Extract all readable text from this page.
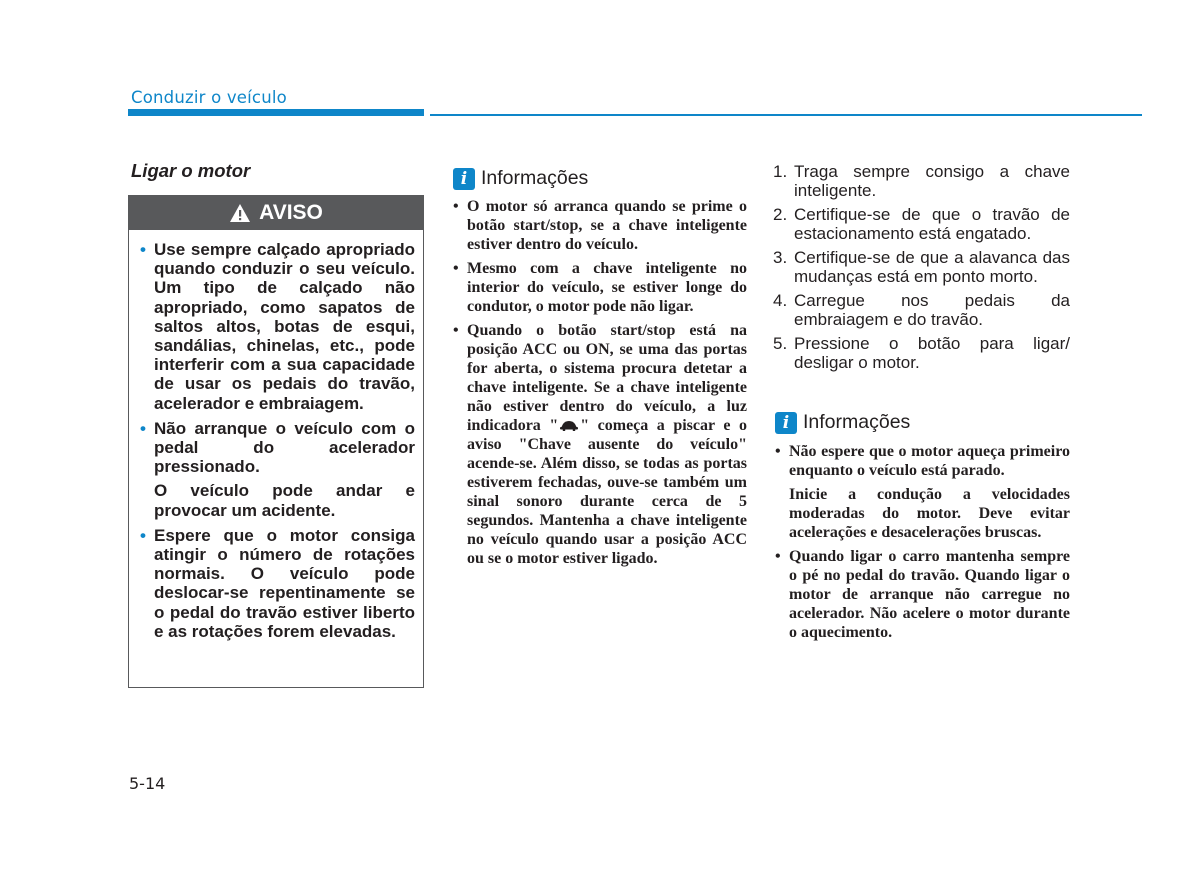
Conduzir o veículo
Ligar o motor
AVISO
• Use sempre calçado apropriado quando conduzir o seu veículo. Um tipo de calçado não apropriado, como sapatos de saltos altos, botas de esqui, sandálias, chinelas, etc., pode interferir com a sua capacidade de usar os pedais do travão, acelerador e embraiagem.

• Não arranque o veículo com o pedal do acelerador pressionado.

O veículo pode andar e provocar um acidente.

• Espere que o motor consiga atingir o número de rotações normais. O veículo pode deslocar-se repentinamente se o pedal do travão estiver liberto e as rotações forem elevadas.

i Informações
• O motor só arranca quando se prime o botão start/stop, se a chave inteligente estiver dentro do veículo.

• Mesmo com a chave inteligente no interior do veículo, se estiver longe do condutor, o motor pode não ligar.

• Quando o botão start/stop está na posição ACC ou ON, se uma das portas for aberta, o sistema procura detetar a chave inteligente. Se a chave inteligente não estiver dentro do veículo, a luz indicadora " " começa a piscar e o aviso "Chave ausente do veículo" acende-se. Além disso, se todas as portas estiverem fechadas, ouve-se também um sinal sonoro durante cerca de 5 segundos. Mantenha a chave inteligente no veículo quando usar a posição ACC ou se o motor estiver ligado.

1. Traga sempre consigo a chave inteligente.

2. Certifique-se de que o travão de estacionamento está engatado.

3. Certifique-se de que a alavanca das mudanças está em ponto morto.

4. Carregue nos pedais da embraiagem e do travão.

5. Pressione o botão para ligar/ desligar o motor.

i Informações
• Não espere que o motor aqueça primeiro enquanto o veículo está parado.

Inicie a condução a velocidades moderadas do motor. Deve evitar acelerações e desacelerações bruscas.

• Quando ligar o carro mantenha sempre o pé no pedal do travão. Quando ligar o motor de arranque não carregue no acelerador. Não acelere o motor durante o aquecimento.

5-14
